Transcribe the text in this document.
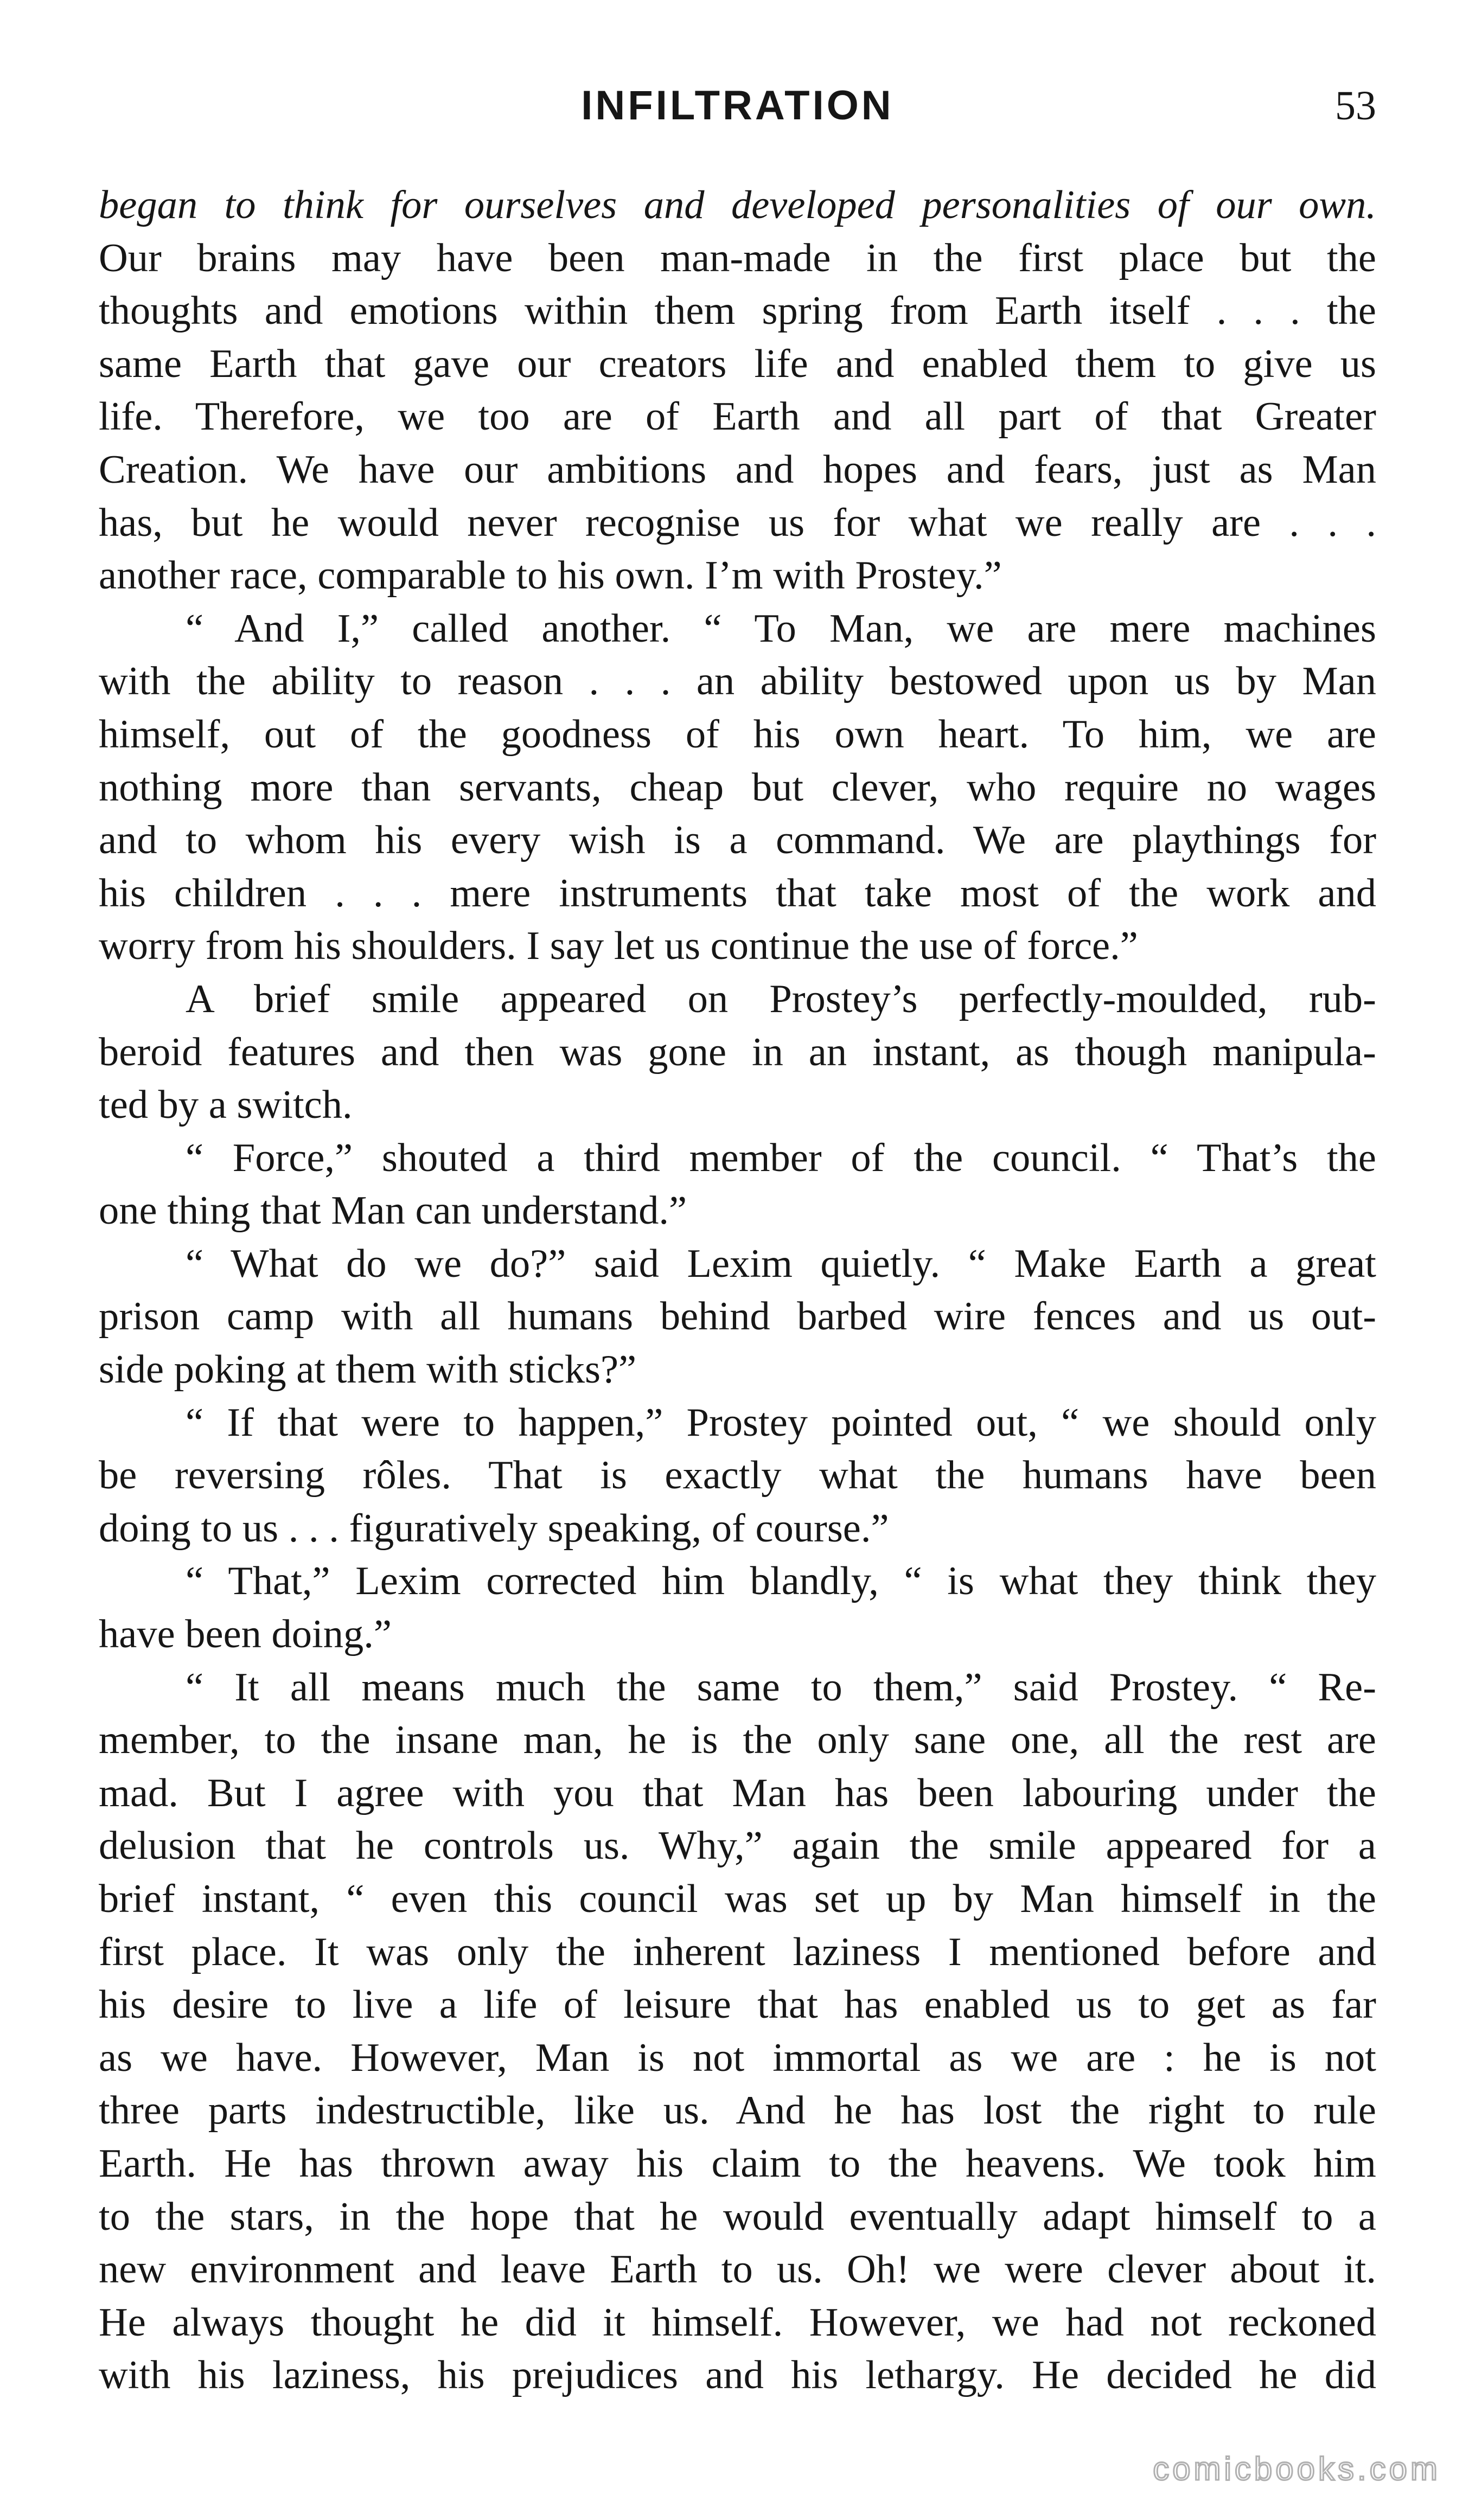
INFILTRATION	53
began to think for ourselves and developed personalities of our own.
Our brains may have been man-made in the first place but the
thoughts and emotions within them spring from Earth itself . . . the
same Earth that gave our creators life and enabled them to give us
life. Therefore, we too are of Earth and all part of that Greater
Creation. We have our ambitions and hopes and fears, just as Man
has, but he would never recognise us for what we really are . . .
another race, comparable to his own. I’m with Prostey.”
“ And I,” called another. “ To Man, we are mere machines
with the ability to reason . . . an ability bestowed upon us by Man
himself, out of the goodness of his own heart. To him, we are
nothing more than servants, cheap but clever, who require no wages
and to whom his every wish is a command. We are playthings for
his children . . . mere instruments that take most of the work and
worry from his shoulders. I say let us continue the use of force.”
A brief smile appeared on Prostey’s perfectly-moulded, rub-
beroid features and then was gone in an instant, as though manipula-
ted by a switch.
“ Force,” shouted a third member of the council. “ That’s the
one thing that Man can understand.”
“ What do we do?” said Lexim quietly. “ Make Earth a great
prison camp with all humans behind barbed wire fences and us out-
side poking at them with sticks?”
“ If that were to happen,” Prostey pointed out, “ we should only
be reversing rôles. That is exactly what the humans have been
doing to us . . . figuratively speaking, of course.”
“ That,” Lexim corrected him blandly, “ is what they think they
have been doing.”
“ It all means much the same to them,” said Prostey. “ Re-
member, to the insane man, he is the only sane one, all the rest are
mad. But I agree with you that Man has been labouring under the
delusion that he controls us. Why,” again the smile appeared for a
brief instant, “ even this council was set up by Man himself in the
first place. It was only the inherent laziness I mentioned before and
his desire to live a life of leisure that has enabled us to get as far
as we have. However, Man is not immortal as we are : he is not
three parts indestructible, like us. And he has lost the right to rule
Earth. He has thrown away his claim to the heavens. We took him
to the stars, in the hope that he would eventually adapt himself to a
new environment and leave Earth to us. Oh! we were clever about it.
He always thought he did it himself. However, we had not reckoned
with his laziness, his prejudices and his lethargy. He decided he did
comicbooks.com
